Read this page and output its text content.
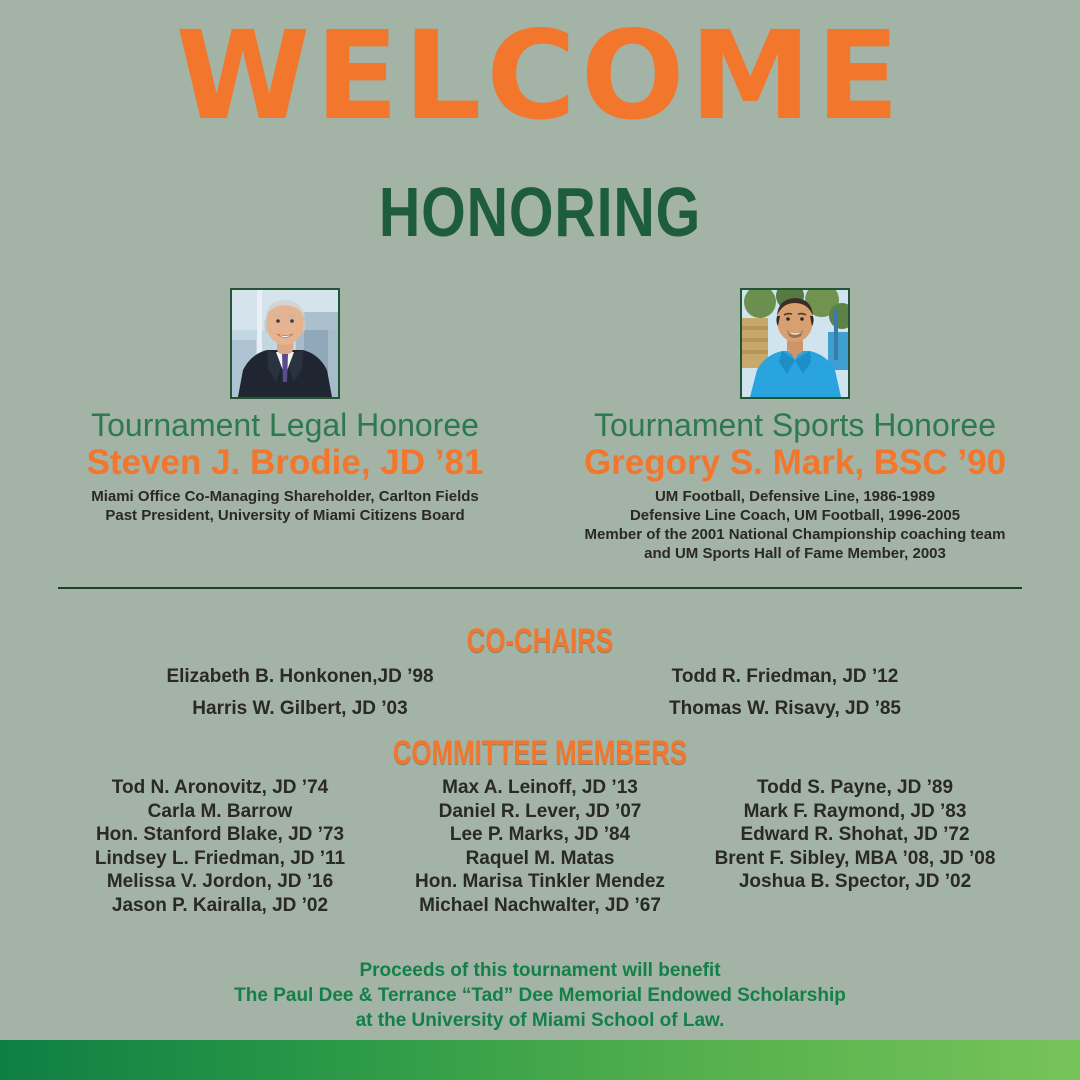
WELCOME
HONORING
Tournament Legal Honoree
Steven J. Brodie, JD ’81
Miami Office Co-Managing Shareholder, Carlton Fields
Past President, University of Miami Citizens Board
Tournament Sports Honoree
Gregory S. Mark, BSC ’90
UM Football, Defensive Line, 1986-1989
Defensive Line Coach, UM Football, 1996-2005
Member of the 2001 National Championship coaching team
and UM Sports Hall of Fame Member, 2003
CO-CHAIRS
Elizabeth B. Honkonen,JD ’98
Harris W. Gilbert, JD ’03
Todd R. Friedman, JD ’12
Thomas W. Risavy, JD ’85
COMMITTEE MEMBERS
Tod N. Aronovitz, JD ’74
Carla M. Barrow
Hon. Stanford Blake, JD ’73
Lindsey L. Friedman, JD ’11
Melissa V. Jordon, JD ’16
Jason P. Kairalla, JD ’02
Max A. Leinoff, JD ’13
Daniel R. Lever, JD ’07
Lee P. Marks, JD ’84
Raquel M. Matas
Hon. Marisa Tinkler Mendez
Michael Nachwalter, JD ’67
Todd S. Payne, JD ’89
Mark F. Raymond, JD ’83
Edward R. Shohat, JD ’72
Brent F. Sibley, MBA ’08, JD ’08
Joshua B. Spector, JD ’02
Proceeds of this tournament will benefit
The Paul Dee & Terrance “Tad” Dee Memorial Endowed Scholarship
at the University of Miami School of Law.
